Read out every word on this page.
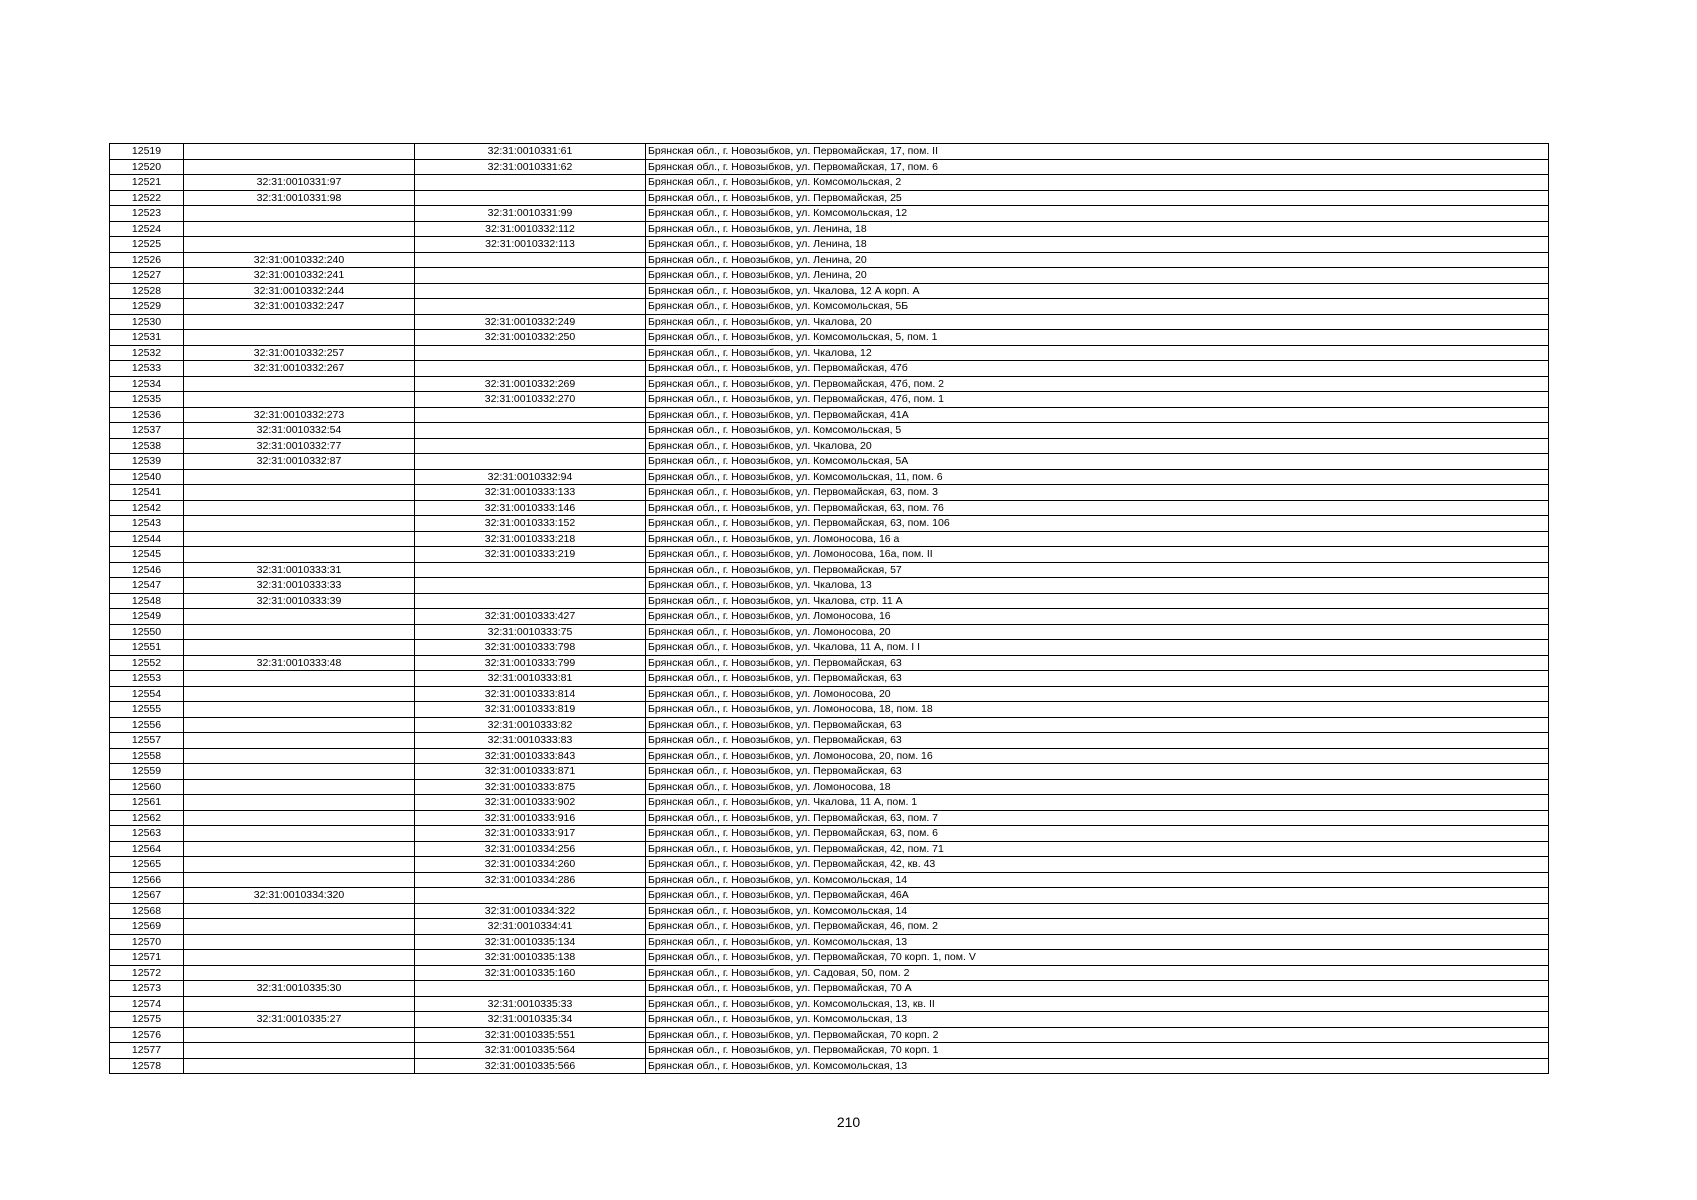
12519		32:31:0010331:61	Брянская обл., г. Новозыбков, ул. Первомайская, 17, пом. II
12520		32:31:0010331:62	Брянская обл., г. Новозыбков, ул. Первомайская, 17, пом. 6
12521	32:31:0010331:97		Брянская обл., г. Новозыбков, ул. Комсомольская, 2
12522	32:31:0010331:98		Брянская обл., г. Новозыбков, ул. Первомайская, 25
12523		32:31:0010331:99	Брянская обл., г. Новозыбков, ул. Комсомольская, 12
12524		32:31:0010332:112	Брянская обл., г. Новозыбков, ул. Ленина, 18
12525		32:31:0010332:113	Брянская обл., г. Новозыбков, ул. Ленина, 18
12526	32:31:0010332:240		Брянская обл., г. Новозыбков, ул. Ленина, 20
12527	32:31:0010332:241		Брянская обл., г. Новозыбков, ул. Ленина, 20
12528	32:31:0010332:244		Брянская обл., г. Новозыбков, ул. Чкалова, 12 А корп. А
12529	32:31:0010332:247		Брянская обл., г. Новозыбков, ул. Комсомольская, 5Б
12530		32:31:0010332:249	Брянская обл., г. Новозыбков, ул. Чкалова, 20
12531		32:31:0010332:250	Брянская обл., г. Новозыбков, ул. Комсомольская, 5, пом. 1
12532	32:31:0010332:257		Брянская обл., г. Новозыбков, ул. Чкалова, 12
12533	32:31:0010332:267		Брянская обл., г. Новозыбков, ул. Первомайская, 47б
12534		32:31:0010332:269	Брянская обл., г. Новозыбков, ул. Первомайская, 47б, пом. 2
12535		32:31:0010332:270	Брянская обл., г. Новозыбков, ул. Первомайская, 47б, пом. 1
12536	32:31:0010332:273		Брянская обл., г. Новозыбков, ул. Первомайская, 41А
12537	32:31:0010332:54		Брянская обл., г. Новозыбков, ул. Комсомольская, 5
12538	32:31:0010332:77		Брянская обл., г. Новозыбков, ул. Чкалова, 20
12539	32:31:0010332:87		Брянская обл., г. Новозыбков, ул. Комсомольская, 5А
12540		32:31:0010332:94	Брянская обл., г. Новозыбков, ул. Комсомольская, 11, пом. 6
12541		32:31:0010333:133	Брянская обл., г. Новозыбков, ул. Первомайская, 63, пом. 3
12542		32:31:0010333:146	Брянская обл., г. Новозыбков, ул. Первомайская, 63, пом. 76
12543		32:31:0010333:152	Брянская обл., г. Новозыбков, ул. Первомайская, 63, пом. 106
12544		32:31:0010333:218	Брянская обл., г. Новозыбков, ул. Ломоносова, 16 а
12545		32:31:0010333:219	Брянская обл., г. Новозыбков, ул. Ломоносова, 16а, пом. II
12546	32:31:0010333:31		Брянская обл., г. Новозыбков, ул. Первомайская, 57
12547	32:31:0010333:33		Брянская обл., г. Новозыбков, ул. Чкалова, 13
12548	32:31:0010333:39		Брянская обл., г. Новозыбков, ул. Чкалова, стр. 11 А
12549		32:31:0010333:427	Брянская обл., г. Новозыбков, ул. Ломоносова, 16
12550		32:31:0010333:75	Брянская обл., г. Новозыбков, ул. Ломоносова, 20
12551		32:31:0010333:798	Брянская обл., г. Новозыбков, ул. Чкалова, 11 А, пом. I I
12552	32:31:0010333:48	32:31:0010333:799	Брянская обл., г. Новозыбков, ул. Первомайская, 63
12553		32:31:0010333:81	Брянская обл., г. Новозыбков, ул. Первомайская, 63
12554		32:31:0010333:814	Брянская обл., г. Новозыбков, ул. Ломоносова, 20
12555		32:31:0010333:819	Брянская обл., г. Новозыбков, ул. Ломоносова, 18, пом. 18
12556		32:31:0010333:82	Брянская обл., г. Новозыбков, ул. Первомайская, 63
12557		32:31:0010333:83	Брянская обл., г. Новозыбков, ул. Первомайская, 63
12558		32:31:0010333:843	Брянская обл., г. Новозыбков, ул. Ломоносова, 20, пом. 16
12559		32:31:0010333:871	Брянская обл., г. Новозыбков, ул. Первомайская, 63
12560		32:31:0010333:875	Брянская обл., г. Новозыбков, ул. Ломоносова, 18
12561		32:31:0010333:902	Брянская обл., г. Новозыбков, ул. Чкалова, 11 А, пом. 1
12562		32:31:0010333:916	Брянская обл., г. Новозыбков, ул. Первомайская, 63, пом. 7
12563		32:31:0010333:917	Брянская обл., г. Новозыбков, ул. Первомайская, 63, пом. 6
12564		32:31:0010334:256	Брянская обл., г. Новозыбков, ул. Первомайская, 42, пом. 71
12565		32:31:0010334:260	Брянская обл., г. Новозыбков, ул. Первомайская, 42, кв. 43
12566		32:31:0010334:286	Брянская обл., г. Новозыбков, ул. Комсомольская, 14
12567	32:31:0010334:320		Брянская обл., г. Новозыбков, ул. Первомайская, 46А
12568		32:31:0010334:322	Брянская обл., г. Новозыбков, ул. Комсомольская, 14
12569		32:31:0010334:41	Брянская обл., г. Новозыбков, ул. Первомайская, 46, пом. 2
12570		32:31:0010335:134	Брянская обл., г. Новозыбков, ул. Комсомольская, 13
12571		32:31:0010335:138	Брянская обл., г. Новозыбков, ул. Первомайская, 70 корп. 1, пом. V
12572		32:31:0010335:160	Брянская обл., г. Новозыбков, ул. Садовая, 50, пом. 2
12573	32:31:0010335:30		Брянская обл., г. Новозыбков, ул. Первомайская, 70 А
12574		32:31:0010335:33	Брянская обл., г. Новозыбков, ул. Комсомольская, 13, кв. II
12575	32:31:0010335:27	32:31:0010335:34	Брянская обл., г. Новозыбков, ул. Комсомольская, 13
12576		32:31:0010335:551	Брянская обл., г. Новозыбков, ул. Первомайская, 70 корп. 2
12577		32:31:0010335:564	Брянская обл., г. Новозыбков, ул. Первомайская, 70 корп. 1
12578		32:31:0010335:566	Брянская обл., г. Новозыбков, ул. Комсомольская, 13
210
